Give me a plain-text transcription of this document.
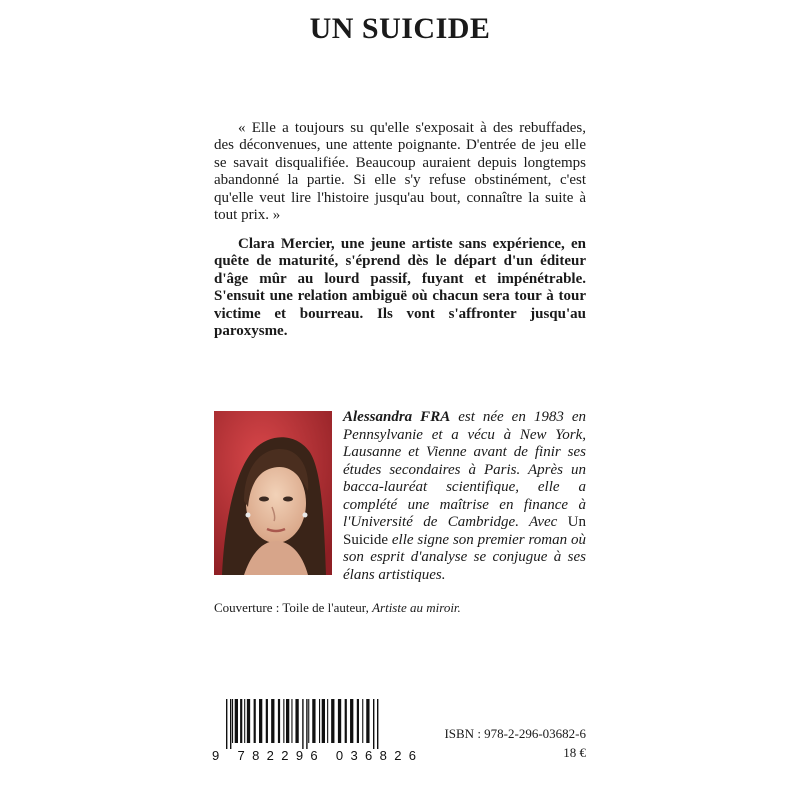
UN SUICIDE

« Elle a toujours su qu'elle s'exposait à des rebuffades, des déconvenues, une attente poignante. D'entrée de jeu elle se savait disqualifiée. Beaucoup auraient depuis longtemps abandonné la partie. Si elle s'y refuse obstinément, c'est qu'elle veut lire l'histoire jusqu'au bout, connaître la suite à tout prix. »

Clara Mercier, une jeune artiste sans expérience, en quête de maturité, s'éprend dès le départ d'un éditeur d'âge mûr au lourd passif, fuyant et impénétrable. S'ensuit une relation ambiguë où chacun sera tour à tour victime et bourreau. Ils vont s'affronter jusqu'au paroxysme.

Alessandra FRA est née en 1983 en Pennsylvanie et a vécu à New York, Lausanne et Vienne avant de finir ses études secondaires à Paris. Après un bacca-lauréat scientifique, elle a complété une maîtrise en finance à l'Université de Cambridge. Avec Un Suicide elle signe son premier roman où son esprit d'analyse se conjugue à ses élans artistiques.
Couverture : Toile de l'auteur, Artiste au miroir.
9 782296 036826
ISBN : 978-2-296-03682-6
18 €
